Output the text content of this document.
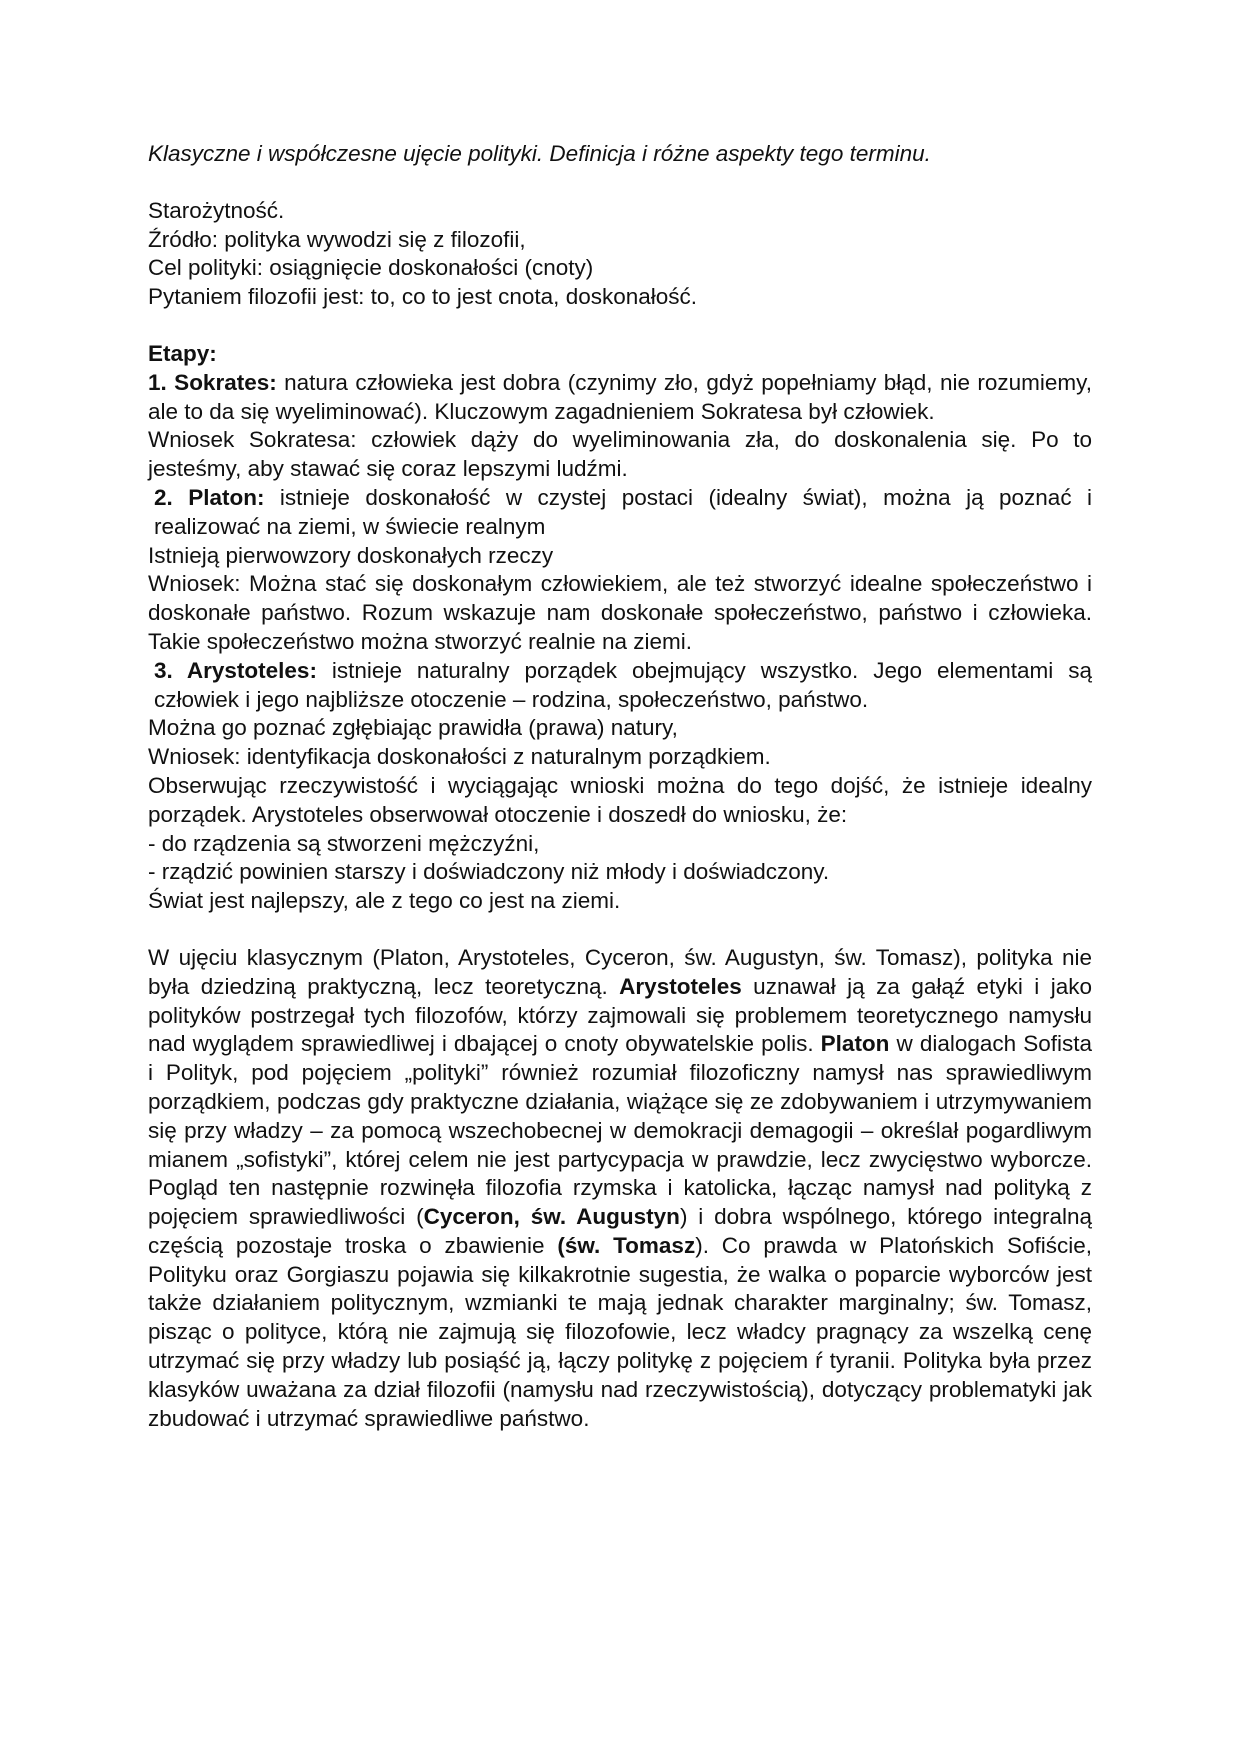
Klasyczne i współczesne ujęcie polityki. Definicja i różne aspekty tego terminu.

Starożytność.

Źródło: polityka wywodzi się z filozofii,

Cel polityki: osiągnięcie doskonałości (cnoty)

Pytaniem filozofii jest: to, co to jest cnota, doskonałość.

Etapy:

1. Sokrates: natura człowieka jest dobra (czynimy zło, gdyż popełniamy błąd, nie rozumiemy, ale to da się wyeliminować). Kluczowym zagadnieniem Sokratesa był człowiek.

Wniosek Sokratesa: człowiek dąży do wyeliminowania zła, do doskonalenia się. Po to jesteśmy, aby stawać się coraz lepszymi ludźmi.

2. Platon: istnieje doskonałość w czystej postaci (idealny świat), można ją poznać i realizować na ziemi, w świecie realnym

Istnieją pierwowzory doskonałych rzeczy

Wniosek: Można stać się doskonałym człowiekiem, ale też stworzyć idealne społeczeństwo i doskonałe państwo. Rozum wskazuje nam doskonałe społeczeństwo, państwo i człowieka. Takie społeczeństwo można stworzyć realnie na ziemi.

3. Arystoteles: istnieje naturalny porządek obejmujący wszystko. Jego elementami są człowiek i jego najbliższe otoczenie – rodzina, społeczeństwo, państwo.

Można go poznać zgłębiając prawidła (prawa) natury,

Wniosek: identyfikacja doskonałości z naturalnym porządkiem.

Obserwując rzeczywistość i wyciągając wnioski można do tego dojść, że istnieje idealny porządek. Arystoteles obserwował otoczenie i doszedł do wniosku, że:

- do rządzenia są stworzeni mężczyźni,

- rządzić powinien starszy i doświadczony niż młody i doświadczony.

Świat jest najlepszy, ale z tego co jest na ziemi.

W ujęciu klasycznym (Platon, Arystoteles, Cyceron, św. Augustyn, św. Tomasz), polityka nie była dziedziną praktyczną, lecz teoretyczną. Arystoteles uznawał ją za gałąź etyki i jako polityków postrzegał tych filozofów, którzy zajmowali się problemem teoretycznego namysłu nad wyglądem sprawiedliwej i dbającej o cnoty obywatelskie polis. Platon w dialogach Sofista i Polityk, pod pojęciem „polityki” również rozumiał filozoficzny namysł nas sprawiedliwym porządkiem, podczas gdy praktyczne działania, wiążące się ze zdobywaniem i utrzymywaniem się przy władzy – za pomocą wszechobecnej w demokracji demagogii – określał pogardliwym mianem „sofistyki”, której celem nie jest partycypacja w prawdzie, lecz zwycięstwo wyborcze. Pogląd ten następnie rozwinęła filozofia rzymska i katolicka, łącząc namysł nad polityką z pojęciem sprawiedliwości (Cyceron, św. Augustyn) i dobra wspólnego, którego integralną częścią pozostaje troska o zbawienie (św. Tomasz). Co prawda w Platońskich Sofiście, Polityku oraz Gorgiaszu pojawia się kilkakrotnie sugestia, że walka o poparcie wyborców jest także działaniem politycznym, wzmianki te mają jednak charakter marginalny; św. Tomasz, pisząc o polityce, którą nie zajmują się filozofowie, lecz władcy pragnący za wszelką cenę utrzymać się przy władzy lub posiąść ją, łączy politykę z pojęciem ŕ tyranii. Polityka była przez klasyków uważana za dział filozofii (namysłu nad rzeczywistością), dotyczący problematyki jak zbudować i utrzymać sprawiedliwe państwo.
